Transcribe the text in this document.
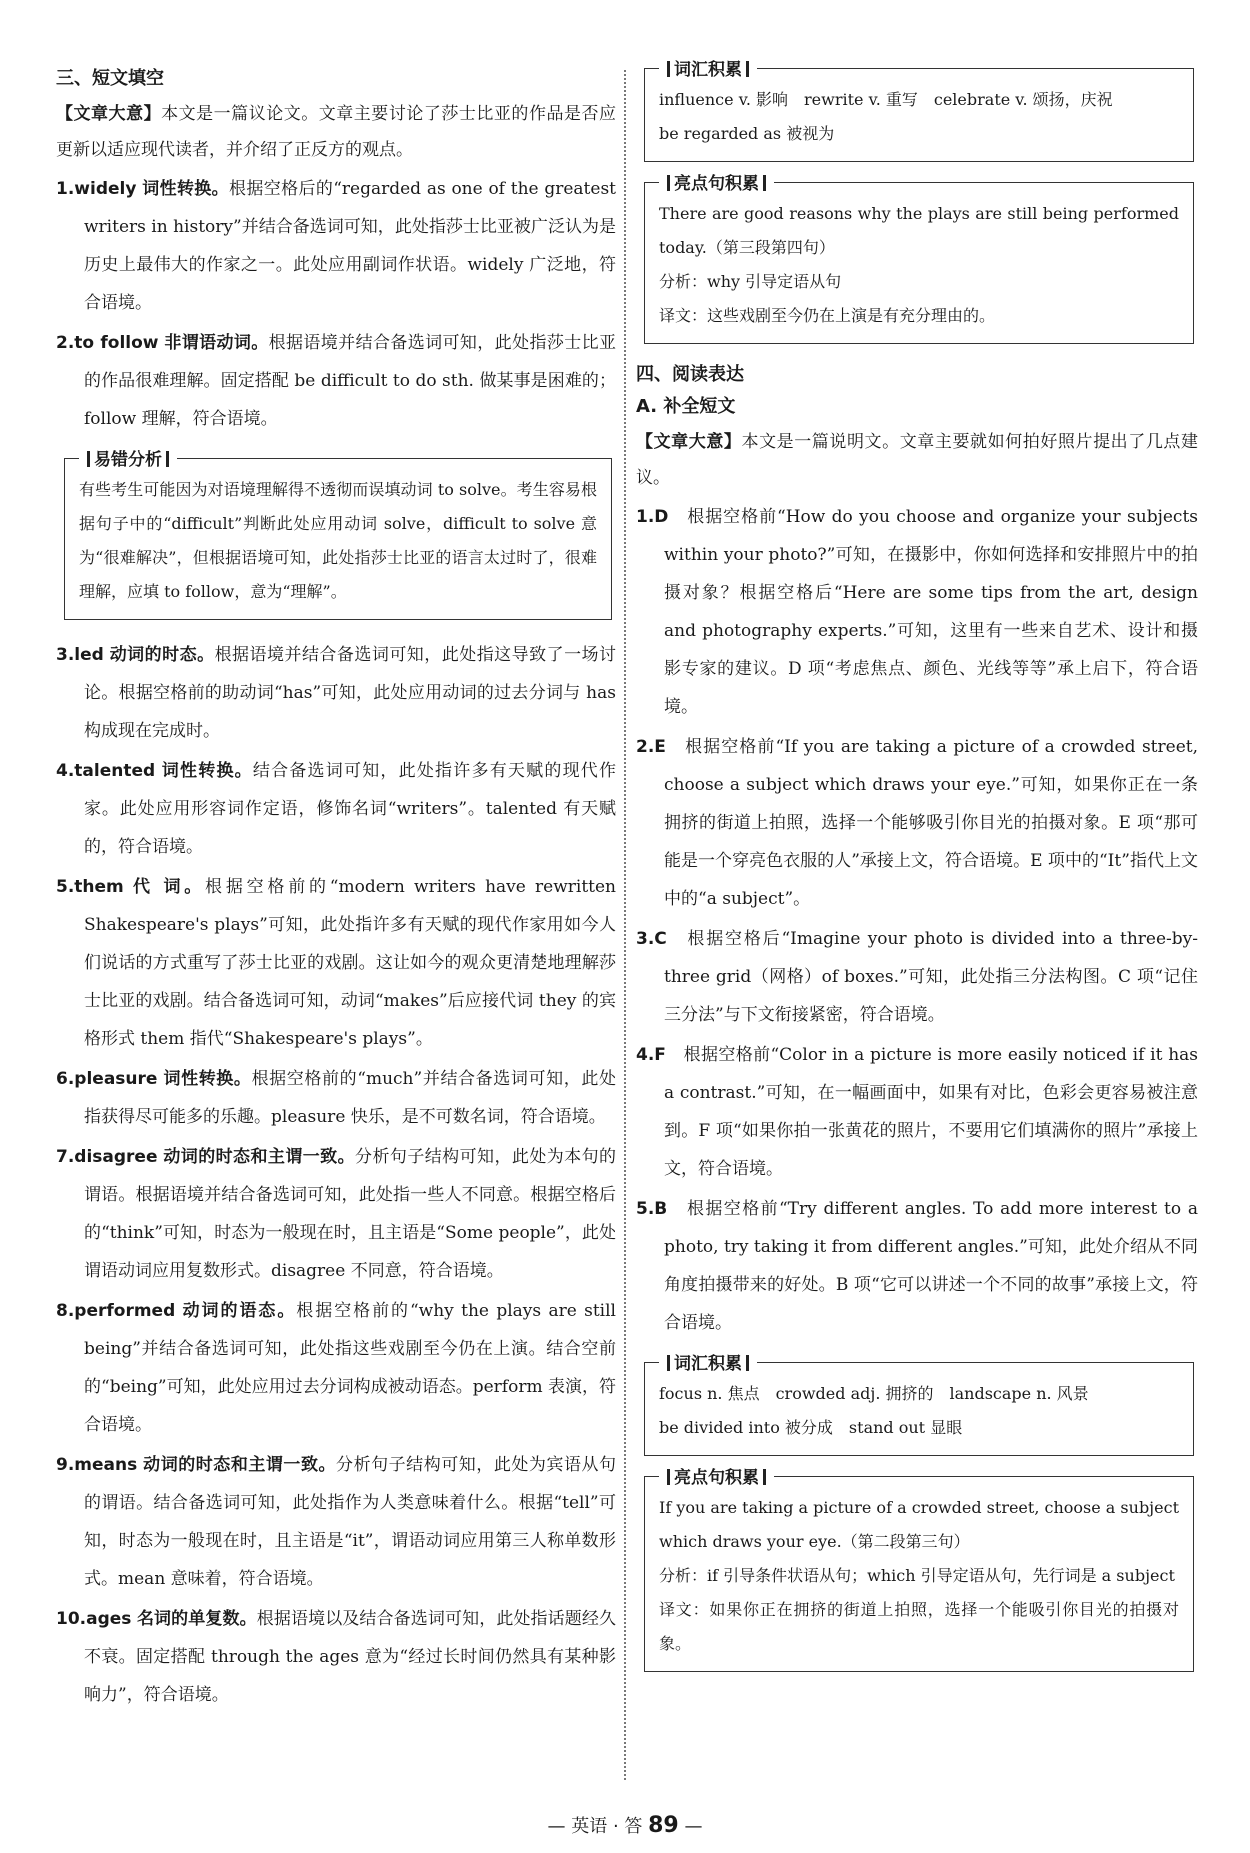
三、短文填空

【文章大意】本文是一篇议论文。文章主要讨论了莎士比亚的作品是否应更新以适应现代读者，并介绍了正反方的观点。

1.widely 词性转换。根据空格后的“regarded as one of the greatest writers in history”并结合备选词可知，此处指莎士比亚被广泛认为是历史上最伟大的作家之一。此处应用副词作状语。widely 广泛地，符合语境。

2.to follow 非谓语动词。根据语境并结合备选词可知，此处指莎士比亚的作品很难理解。固定搭配 be difficult to do sth. 做某事是困难的；follow 理解，符合语境。

易错分析

有些考生可能因为对语境理解得不透彻而误填动词 to solve。考生容易根据句子中的“difficult”判断此处应用动词 solve，difficult to solve 意为“很难解决”，但根据语境可知，此处指莎士比亚的语言太过时了，很难理解，应填 to follow，意为“理解”。

3.led 动词的时态。根据语境并结合备选词可知，此处指这导致了一场讨论。根据空格前的助动词“has”可知，此处应用动词的过去分词与 has 构成现在完成时。

4.talented 词性转换。结合备选词可知，此处指许多有天赋的现代作家。此处应用形容词作定语，修饰名词“writers”。talented 有天赋的，符合语境。

5.them 代 词。根据空格前的“modern writers have rewritten Shakespeare's plays”可知，此处指许多有天赋的现代作家用如今人们说话的方式重写了莎士比亚的戏剧。这让如今的观众更清楚地理解莎士比亚的戏剧。结合备选词可知，动词“makes”后应接代词 they 的宾格形式 them 指代“Shakespeare's plays”。

6.pleasure 词性转换。根据空格前的“much”并结合备选词可知，此处指获得尽可能多的乐趣。pleasure 快乐，是不可数名词，符合语境。

7.disagree 动词的时态和主谓一致。分析句子结构可知，此处为本句的谓语。根据语境并结合备选词可知，此处指一些人不同意。根据空格后的“think”可知，时态为一般现在时，且主语是“Some people”，此处谓语动词应用复数形式。disagree 不同意，符合语境。

8.performed 动词的语态。根据空格前的“why the plays are still being”并结合备选词可知，此处指这些戏剧至今仍在上演。结合空前的“being”可知，此处应用过去分词构成被动语态。perform 表演，符合语境。

9.means 动词的时态和主谓一致。分析句子结构可知，此处为宾语从句的谓语。结合备选词可知，此处指作为人类意味着什么。根据“tell”可知，时态为一般现在时，且主语是“it”，谓语动词应用第三人称单数形式。mean 意味着，符合语境。

10.ages 名词的单复数。根据语境以及结合备选词可知，此处指话题经久不衰。固定搭配 through the ages 意为“经过长时间仍然具有某种影响力”，符合语境。

词汇积累

influence v. 影响　rewrite v. 重写　celebrate v. 颂扬，庆祝

be regarded as 被视为

亮点句积累

There are good reasons why the plays are still being performed today.（第三段第四句）

分析：why 引导定语从句

译文：这些戏剧至今仍在上演是有充分理由的。

四、阅读表达
A. 补全短文

【文章大意】本文是一篇说明文。文章主要就如何拍好照片提出了几点建议。

1.D　 根据空格前“How do you choose and organize your subjects within your photo?”可知，在摄影中，你如何选择和安排照片中的拍摄对象？根据空格后“Here are some tips from the art, design and photography experts.”可知，这里有一些来自艺术、设计和摄影专家的建议。D 项“考虑焦点、颜色、光线等等”承上启下，符合语境。

2.E　 根据空格前“If you are taking a picture of a crowded street, choose a subject which draws your eye.”可知，如果你正在一条拥挤的街道上拍照，选择一个能够吸引你目光的拍摄对象。E 项“那可能是一个穿亮色衣服的人”承接上文，符合语境。E 项中的“It”指代上文中的“a subject”。

3.C　 根据空格后“Imagine your photo is divided into a three-by-three grid（网格）of boxes.”可知，此处指三分法构图。C 项“记住三分法”与下文衔接紧密，符合语境。

4.F　 根据空格前“Color in a picture is more easily noticed if it has a contrast.”可知，在一幅画面中，如果有对比，色彩会更容易被注意到。F 项“如果你拍一张黄花的照片，不要用它们填满你的照片”承接上文，符合语境。

5.B　 根据空格前“Try different angles. To add more interest to a photo, try taking it from different angles.”可知，此处介绍从不同角度拍摄带来的好处。B 项“它可以讲述一个不同的故事”承接上文，符合语境。

词汇积累

focus n. 焦点　crowded adj. 拥挤的　landscape n. 风景

be divided into 被分成　stand out 显眼

亮点句积累

If you are taking a picture of a crowded street, choose a subject which draws your eye.（第二段第三句）

分析：if 引导条件状语从句；which 引导定语从句，先行词是 a subject

译文：如果你正在拥挤的街道上拍照，选择一个能吸引你目光的拍摄对象。

— 英语 · 答 89 —
